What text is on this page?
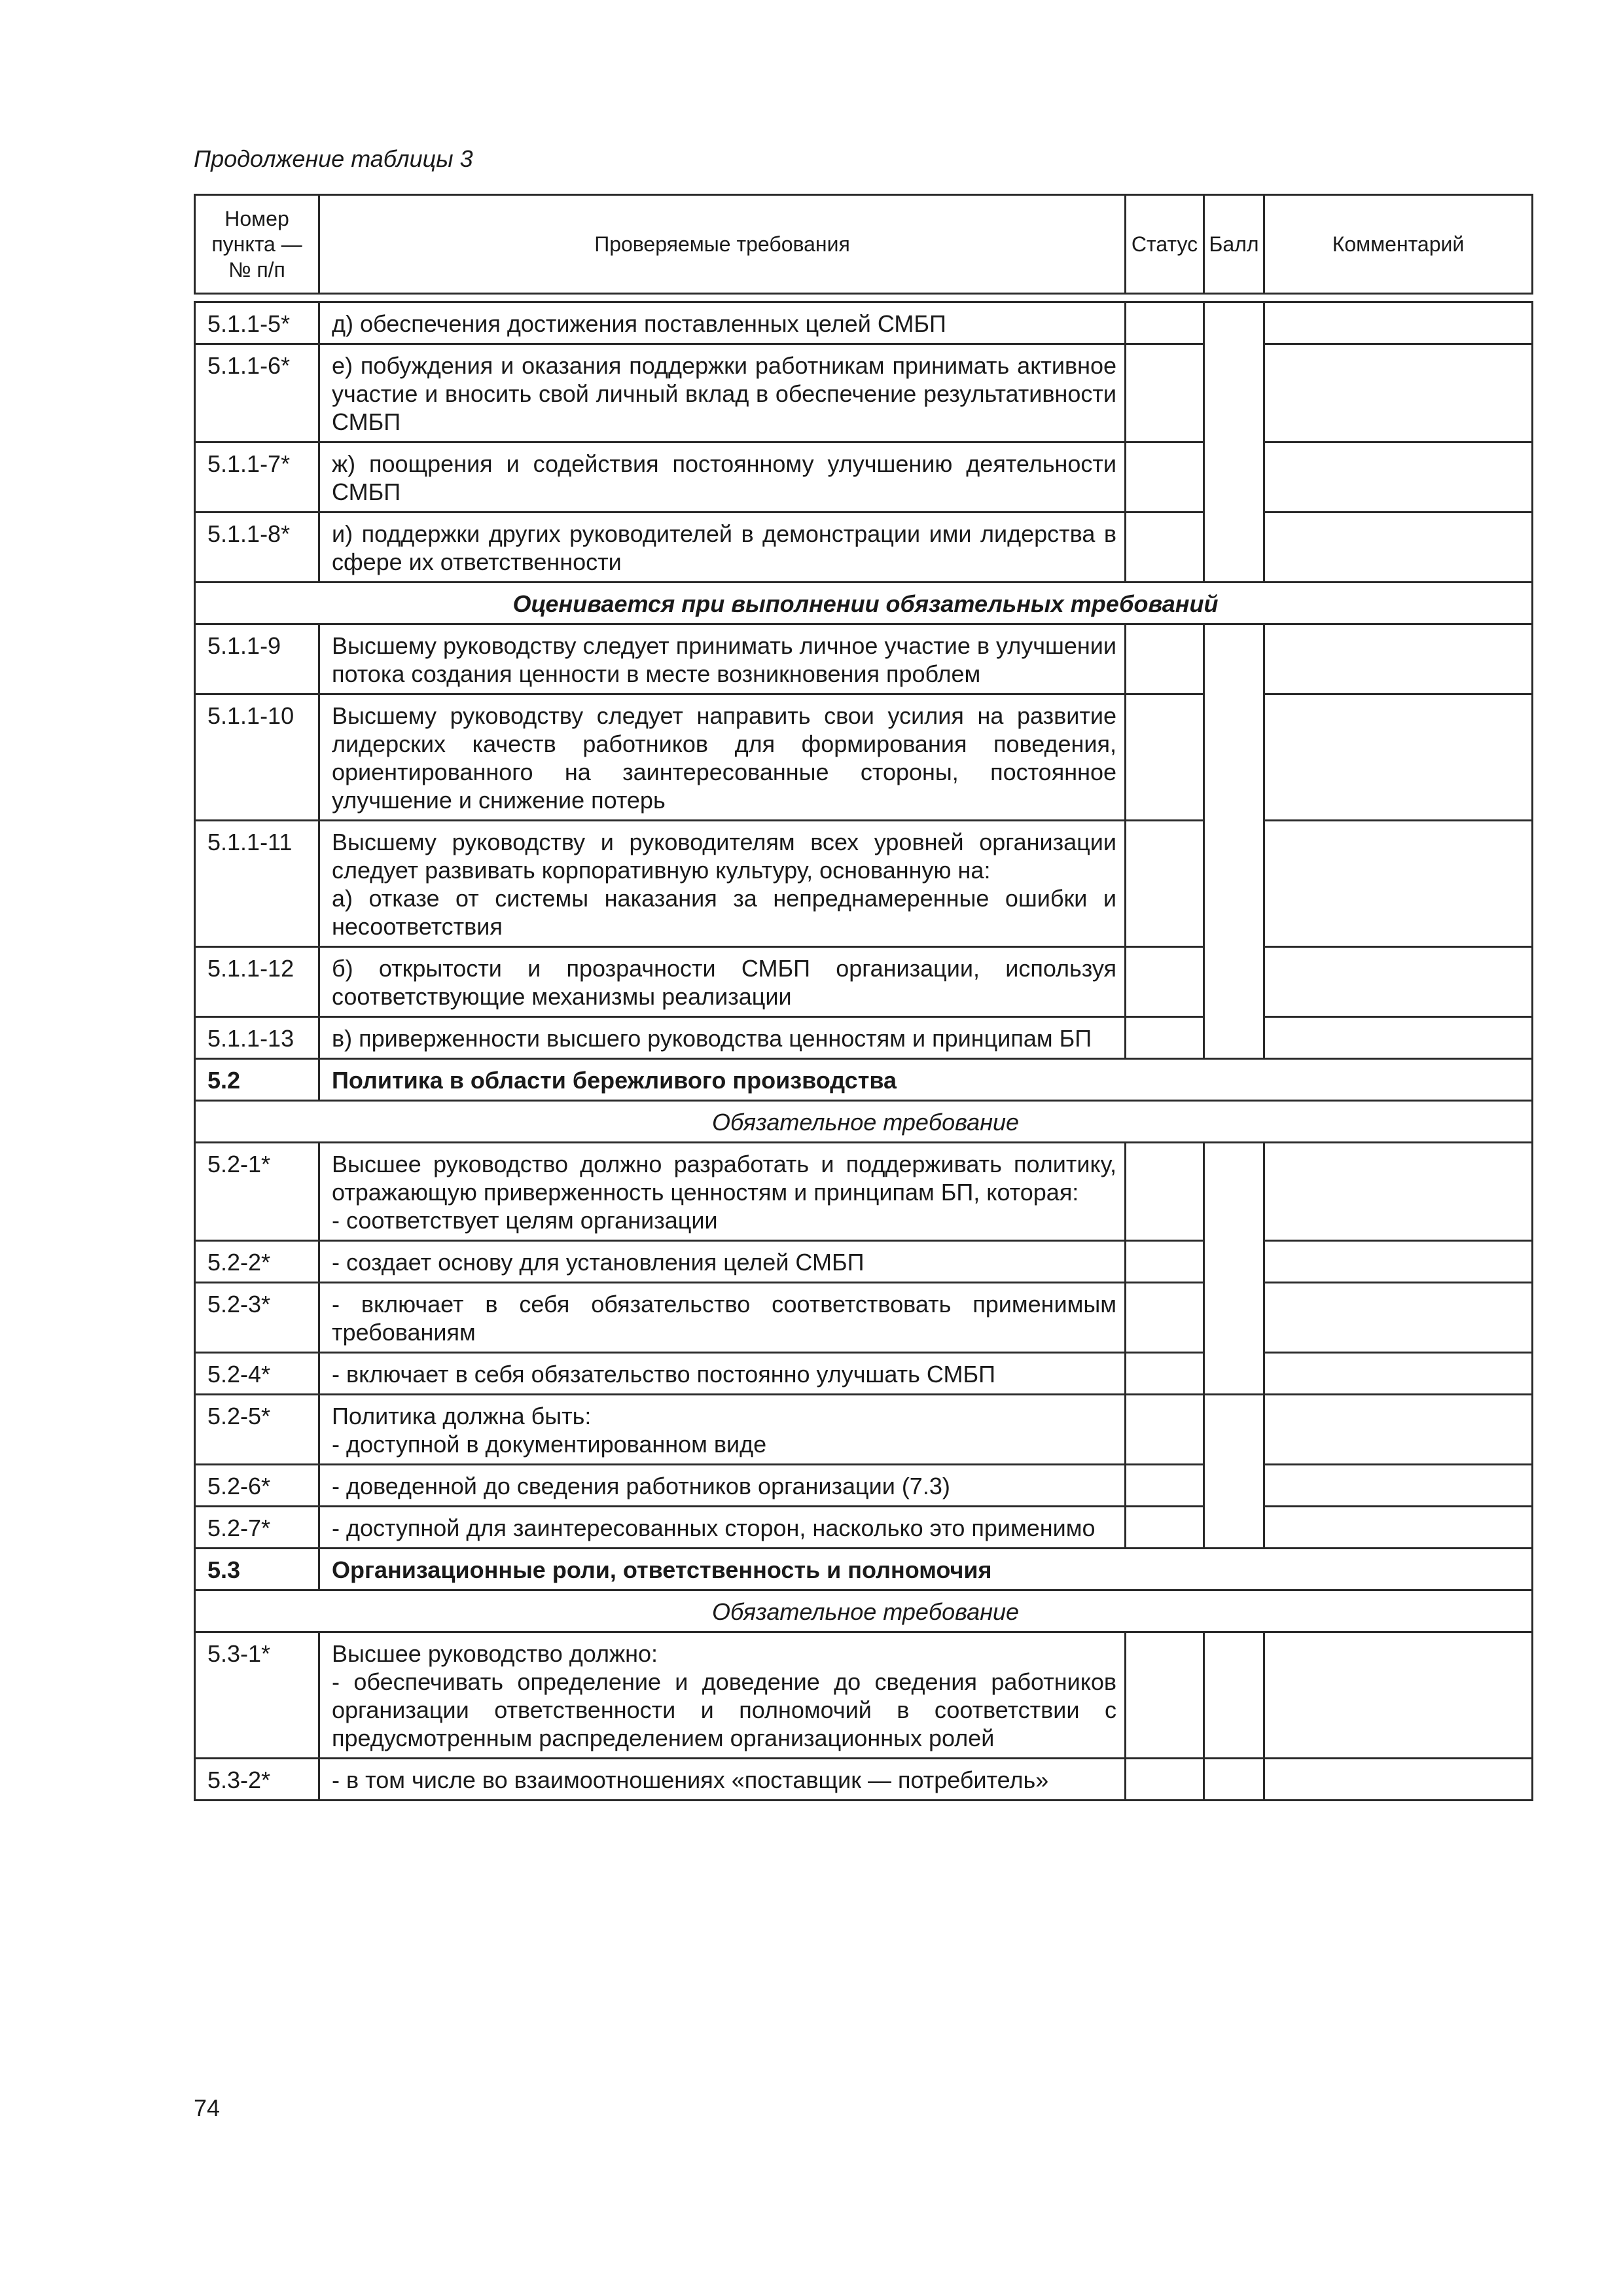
Продолжение таблицы 3
Номер
пункта —
№ п/п	Проверяемые требования	Статус	Балл	Комментарий

5.1.1-5*	д) обеспечения достижения поставленных целей СМБП			

5.1.1-6*	е) побуждения и оказания поддержки работникам принимать активное участие и вносить свой личный вклад в обеспечение результативности СМБП			

5.1.1-7*	ж) поощрения и содействия постоянному улучшению деятельности СМБП			

5.1.1-8*	и) поддержки других руководителей в демонстрации ими лидерства в сфере их ответственности			

Оценивается при выполнении обязательных требований				
5.1.1-9	Высшему руководству следует принимать личное участие в улучшении потока создания ценности в месте возникновения проблем			

5.1.1-10	Высшему руководству следует направить свои усилия на развитие лидерских качеств работников для формирования поведения, ориентированного на заинтересованные стороны, постоянное улучшение и снижение потерь			

5.1.1-11	Высшему руководству и руководителям всех уровней организации следует развивать корпоративную культуру, основанную на:
а) отказе от системы наказания за непреднамеренные ошибки и несоответствия			

5.1.1-12	б) открытости и прозрачности СМБП организации, используя соответствующие механизмы реализации			

5.1.1-13	в) приверженности высшего руководства ценностям и принципам БП			

5.2	Политика в области бережливого производства			
Обязательное требование				
5.2-1*	Высшее руководство должно разработать и поддерживать политику, отражающую приверженность ценностям и принципам БП, которая:
- соответствует целям организации			

5.2-2*	- создает основу для установления целей СМБП			

5.2-3*	- включает в себя обязательство соответствовать применимым требованиям			

5.2-4*	- включает в себя обязательство постоянно улучшать СМБП			

5.2-5*	Политика должна быть:
- доступной в документированном виде			

5.2-6*	- доведенной до сведения работников организации (7.3)			

5.2-7*	- доступной для заинтересованных сторон, насколько это применимо			

5.3	Организационные роли, ответственность и полномочия			
Обязательное требование				
5.3-1*	Высшее руководство должно:
- обеспечивать определение и доведение до сведения работников организации ответственности и полномочий в соответствии с предусмотренным распределением организационных ролей			

5.3-2*	- в том числе во взаимоотношениях «поставщик — потребитель»			

74
